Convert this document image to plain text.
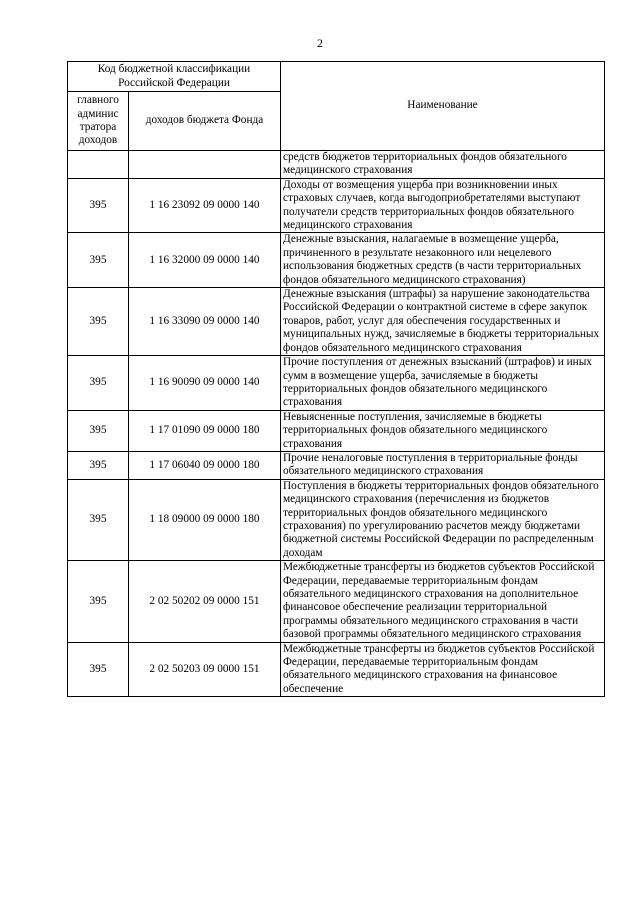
2
Код бюджетной классификации Российской Федерации		Наименование
главного админис тратора доходов	доходов бюджета Фонда	
		средств бюджетов территориальных фондов обязательного медицинского страхования
395	1 16 23092 09 0000 140	Доходы от возмещения ущерба при возникновении иных страховых случаев, когда выгодоприобретателями выступают получатели средств территориальных фондов обязательного медицинского страхования
395	1 16 32000 09 0000 140	Денежные взыскания, налагаемые в возмещение ущерба, причиненного в результате незаконного или нецелевого использования бюджетных средств (в части территориальных фондов обязательного медицинского страхования)
395	1 16 33090 09 0000 140	Денежные взыскания (штрафы) за нарушение законодательства Российской Федерации о контрактной системе в сфере закупок товаров, работ, услуг для обеспечения государственных и муниципальных нужд, зачисляемые в бюджеты территориальных фондов обязательного медицинского страхования
395	1 16 90090 09 0000 140	Прочие поступления от денежных взысканий (штрафов) и иных сумм в возмещение ущерба, зачисляемые в бюджеты территориальных фондов обязательного медицинского страхования
395	1 17 01090 09 0000 180	Невыясненные поступления, зачисляемые в бюджеты территориальных фондов обязательного медицинского страхования
395	1 17 06040 09 0000 180	Прочие неналоговые поступления в территориальные фонды обязательного медицинского страхования
395	1 18 09000 09 0000 180	Поступления в бюджеты территориальных фондов обязательного медицинского страхования (перечисления из бюджетов территориальных фондов обязательного медицинского страхования) по урегулированию расчетов между бюджетами бюджетной системы Российской Федерации по распределенным доходам
395	2 02 50202 09 0000 151	Межбюджетные трансферты из бюджетов субъектов Российской Федерации, передаваемые территориальным фондам обязательного медицинского страхования на дополнительное финансовое обеспечение реализации территориальной программы обязательного медицинского страхования в части базовой программы обязательного медицинского страхования
395	2 02 50203 09 0000 151	Межбюджетные трансферты из бюджетов субъектов Российской Федерации, передаваемые территориальным фондам обязательного медицинского страхования на финансовое обеспечение
